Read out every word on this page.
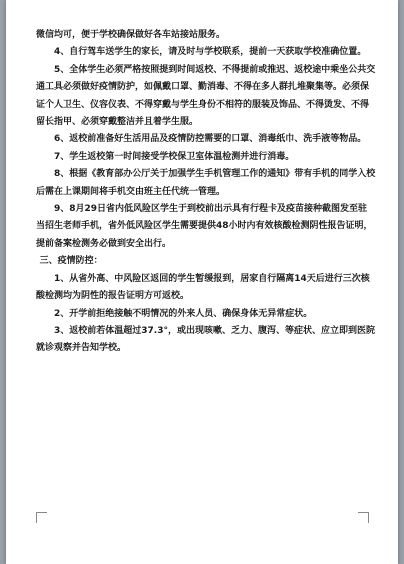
微信均可，便于学校确保做好各车站接站服务。

4、自行驾车送学生的家长，请及时与学校联系，提前一天获取学校准确位置。

5、全体学生必须严格按照提到时间返校、不得提前或推迟、返校途中乘坐公共交通工具必须做好疫情防护，如佩戴口罩、勤消毒、不得在多人群扎堆聚集等。必须保证个人卫生、仪容仪表、不得穿戴与学生身份不相符的服装及饰品、不得烫发、不得留长指甲、必须穿戴整洁并且着学生服。

6、返校前准备好生活用品及疫情防控需要的口罩、消毒纸巾、洗手液等物品。

7、学生返校第一时间接受学校保卫室体温检测并进行消毒。

8、根据《教育部办公厅关于加强学生手机管理工作的通知》带有手机的同学入校后需在上课期间将手机交由班主任代统一管理。

9、8月29日省内低风险区学生于到校前出示具有行程卡及疫苗接种截图发至驻当招生老师手机，省外低风险区学生需要提供48小时内有效核酸检测阴性报告证明，提前备案检测务必做到安全出行。

三、疫情防控：

1、从省外高、中风险区返回的学生暂缓报到，居家自行隔离14天后进行三次核酸检测均为阴性的报告证明方可返校。

2、开学前拒绝接触不明情况的外来人员、确保身体无异常症状。

3、返校前若体温超过37.3°，或出现咳嗽、乏力、腹泻、等症状、应立即到医院就诊观察并告知学校。
